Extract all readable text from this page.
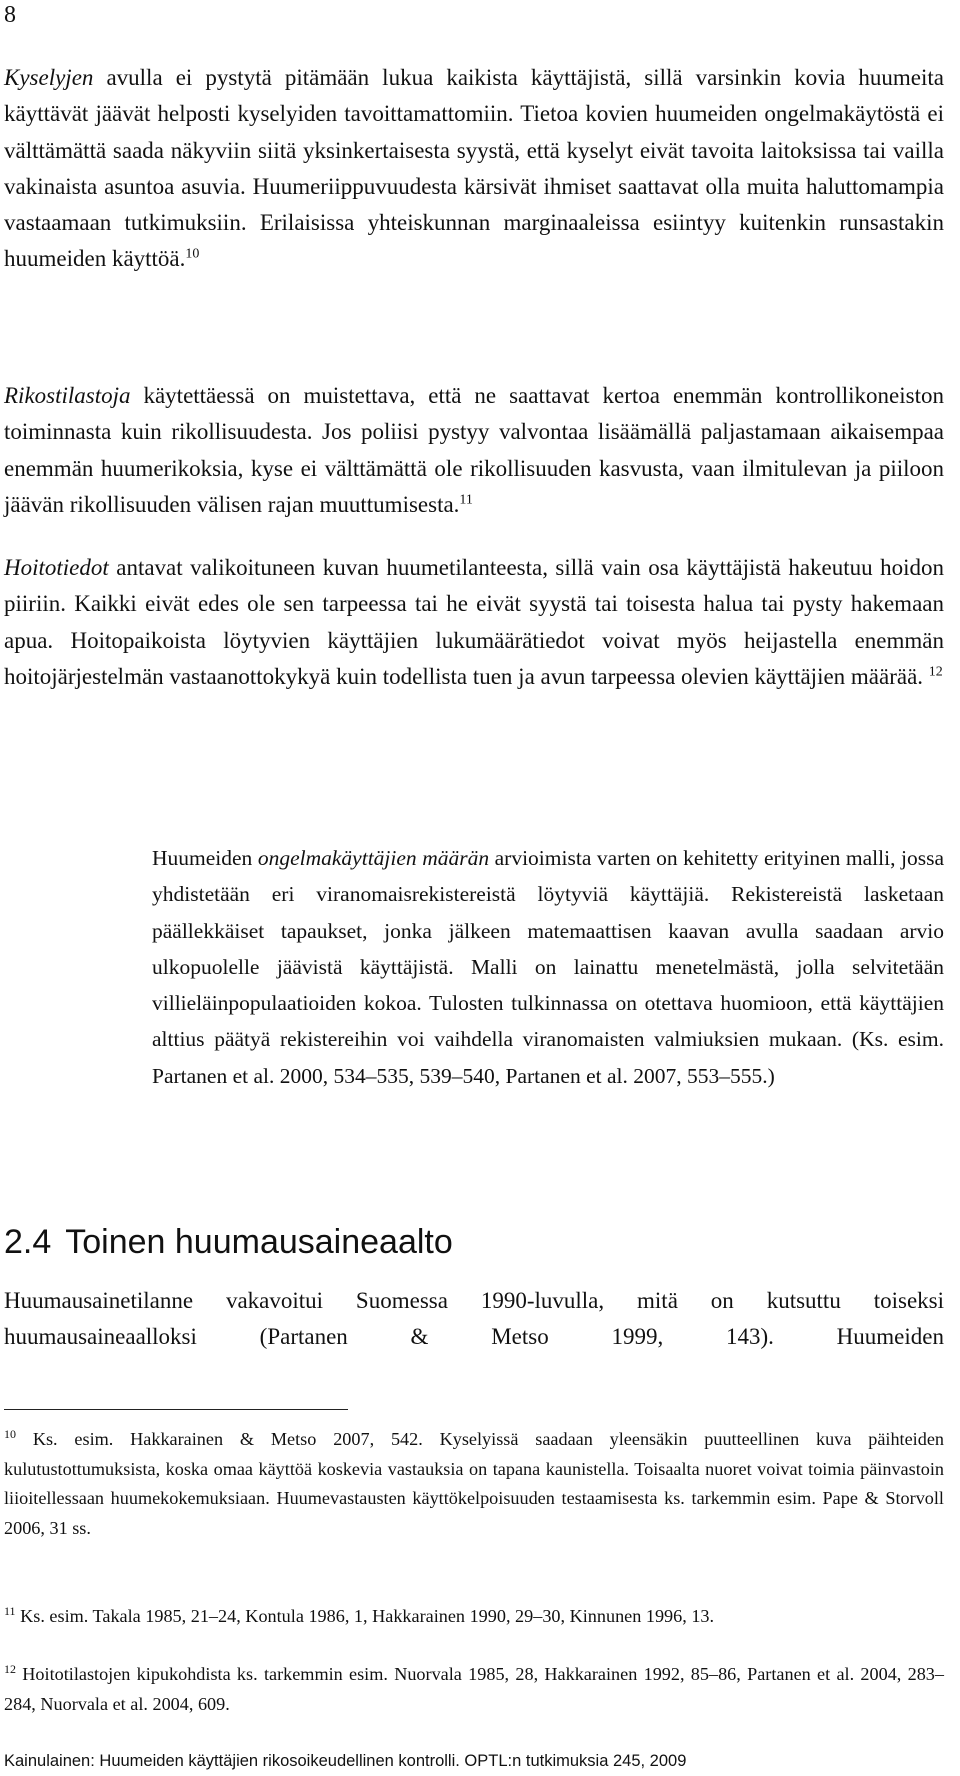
8

Kyselyjen avulla ei pystytä pitämään lukua kaikista käyttäjistä, sillä varsinkin kovia huumeita käyttävät jäävät helposti kyselyiden tavoittamattomiin. Tietoa kovien huumeiden ongelmakäytöstä ei välttämättä saada näkyviin siitä yksinkertaisesta syystä, että kyselyt eivät tavoita laitoksissa tai vailla vakinaista asuntoa asuvia. Huumeriippuvuudesta kärsivät ihmiset saattavat olla muita haluttomampia vastaamaan tutkimuksiin. Erilaisissa yhteiskunnan marginaaleissa esiintyy kuitenkin runsastakin huumeiden käyttöä.$^{10}$

Rikostilastoja käytettäessä on muistettava, että ne saattavat kertoa enemmän kontrollikoneiston toiminnasta kuin rikollisuudesta. Jos poliisi pystyy valvontaa lisäämällä paljastamaan aikaisempaa enemmän huumerikoksia, kyse ei välttämättä ole rikollisuuden kasvusta, vaan ilmitulevan ja piiloon jäävän rikollisuuden välisen rajan muuttumisesta.$^{11}$

Hoitotiedot antavat valikoituneen kuvan huumetilanteesta, sillä vain osa käyttäjistä hakeutuu hoidon piiriin. Kaikki eivät edes ole sen tarpeessa tai he eivät syystä tai toisesta halua tai pysty hakemaan apua. Hoitopaikoista löytyvien käyttäjien lukumäärätiedot voivat myös heijastella enemmän hoitojärjestelmän vastaanottokykyä kuin todellista tuen ja avun tarpeessa olevien käyttäjien määrää. $^{12}$

Huumeiden ongelmakäyttäjien määrän arvioimista varten on kehitetty erityinen malli, jossa yhdistetään eri viranomaisrekistereistä löytyviä käyttäjiä. Rekistereistä lasketaan päällekkäiset tapaukset, jonka jälkeen matemaattisen kaavan avulla saadaan arvio ulkopuolelle jäävistä käyttäjistä. Malli on lainattu menetelmästä, jolla selvitetään villieläinpopulaatioiden kokoa. Tulosten tulkinnassa on otettava huomioon, että käyttäjien alttius päätyä rekistereihin voi vaihdella viranomaisten valmiuksien mukaan. (Ks. esim. Partanen et al. 2000, 534–535, 539–540, Partanen et al. 2007, 553–555.)

2.4 Toinen huumausaineaalto

Huumausainetilanne vakavoitui Suomessa 1990-luvulla, mitä on kutsuttu toiseksi huumausaineaalloksi (Partanen & Metso 1999, 143). Huumeiden

$^{10}$ Ks. esim. Hakkarainen & Metso 2007, 542. Kyselyissä saadaan yleensäkin puutteellinen kuva päihteiden kulutustottumuksista, koska omaa käyttöä koskevia vastauksia on tapana kaunistella. Toisaalta nuoret voivat toimia päinvastoin liioitellessaan huumekokemuksiaan. Huumevastausten käyttökelpoisuuden testaamisesta ks. tarkemmin esim. Pape & Storvoll 2006, 31 ss.

$^{11}$ Ks. esim. Takala 1985, 21–24, Kontula 1986, 1, Hakkarainen 1990, 29–30, Kinnunen 1996, 13.

$^{12}$ Hoitotilastojen kipukohdista ks. tarkemmin esim. Nuorvala 1985, 28, Hakkarainen 1992, 85–86, Partanen et al. 2004, 283–284, Nuorvala et al. 2004, 609.

Kainulainen: Huumeiden käyttäjien rikosoikeudellinen kontrolli. OPTL:n tutkimuksia 245, 2009
